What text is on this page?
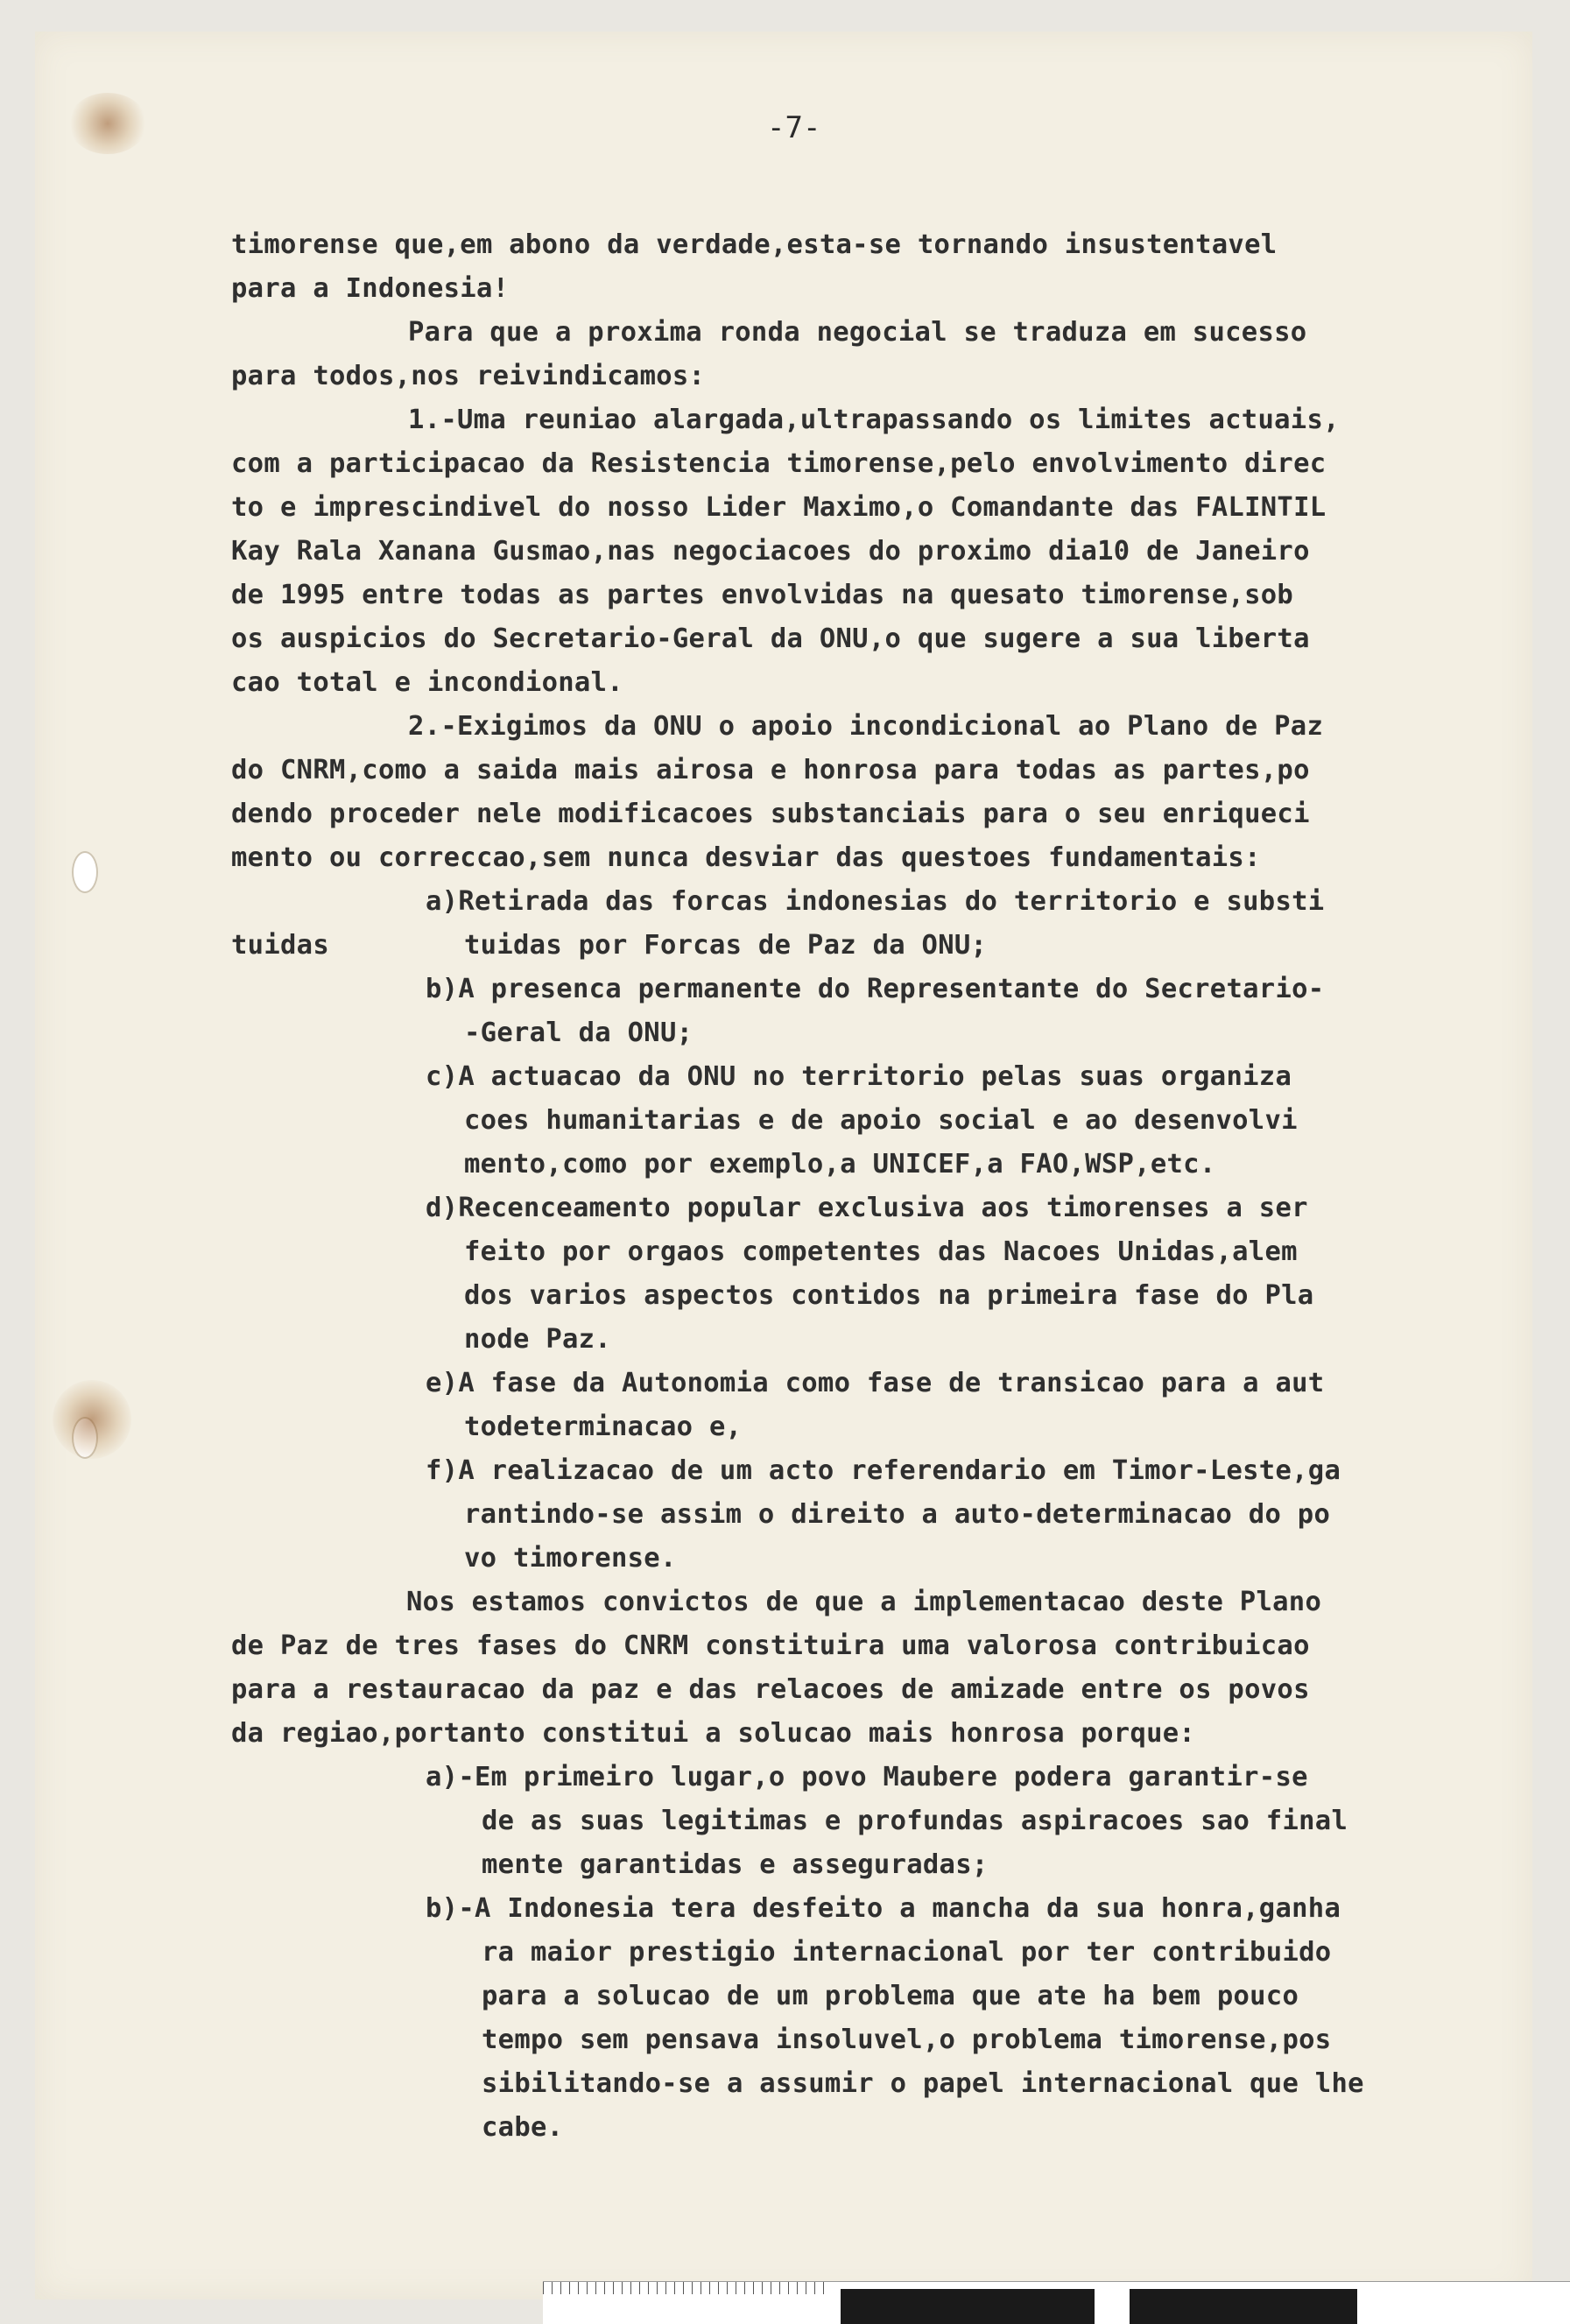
-7-
timorense que,em abono da verdade,esta-se tornando insustentavel
para a Indonesia!
Para que a proxima ronda negocial se traduza em sucesso
para todos,nos reivindicamos:
1.-Uma reuniao alargada,ultrapassando os limites actuais,
com a participacao da Resistencia timorense,pelo envolvimento direc
to e imprescindivel do nosso Lider Maximo,o Comandante das FALINTIL
Kay Rala Xanana Gusmao,nas negociacoes do proximo dia10 de Janeiro
de 1995 entre todas as partes envolvidas na quesato timorense,sob
os auspicios do Secretario-Geral da ONU,o que sugere a sua liberta
cao total e incondional.
2.-Exigimos da ONU o apoio incondicional ao Plano de Paz
do CNRM,como a saida mais airosa e honrosa para todas as partes,po
dendo proceder nele modificacoes substanciais para o seu enriqueci
mento ou correccao,sem nunca desviar das questoes fundamentais:
a)Retirada das forcas indonesias do territorio e substi
tuidas	tuidas por Forcas de Paz da ONU;
b)A presenca permanente do Representante do Secretario-
-Geral da ONU;
c)A actuacao da ONU no territorio pelas suas organiza
coes humanitarias e de apoio social e ao desenvolvi
mento,como por exemplo,a UNICEF,a FAO,WSP,etc.
d)Recenceamento popular exclusiva aos timorenses a ser
feito por orgaos competentes das Nacoes Unidas,alem
dos varios aspectos contidos na primeira fase do Pla
node Paz.
e)A fase da Autonomia como fase de transicao para a aut
todeterminacao e,
f)A realizacao de um acto referendario em Timor-Leste,ga
rantindo-se assim o direito a auto-determinacao do po
vo timorense.
Nos estamos convictos de que a implementacao deste Plano
de Paz de tres fases do CNRM constituira uma valorosa contribuicao
para a restauracao da paz e das relacoes de amizade entre os povos
da regiao,portanto constitui a solucao mais honrosa porque:
a)-Em primeiro lugar,o povo Maubere podera garantir-se
de as suas legitimas e profundas aspiracoes sao final
mente garantidas e asseguradas;
b)-A Indonesia tera desfeito a mancha da sua honra,ganha
ra maior prestigio internacional por ter contribuido
para a solucao de um problema que ate ha bem pouco
tempo sem pensava insoluvel,o problema timorense,pos
sibilitando-se a assumir o papel internacional que lhe
cabe.
